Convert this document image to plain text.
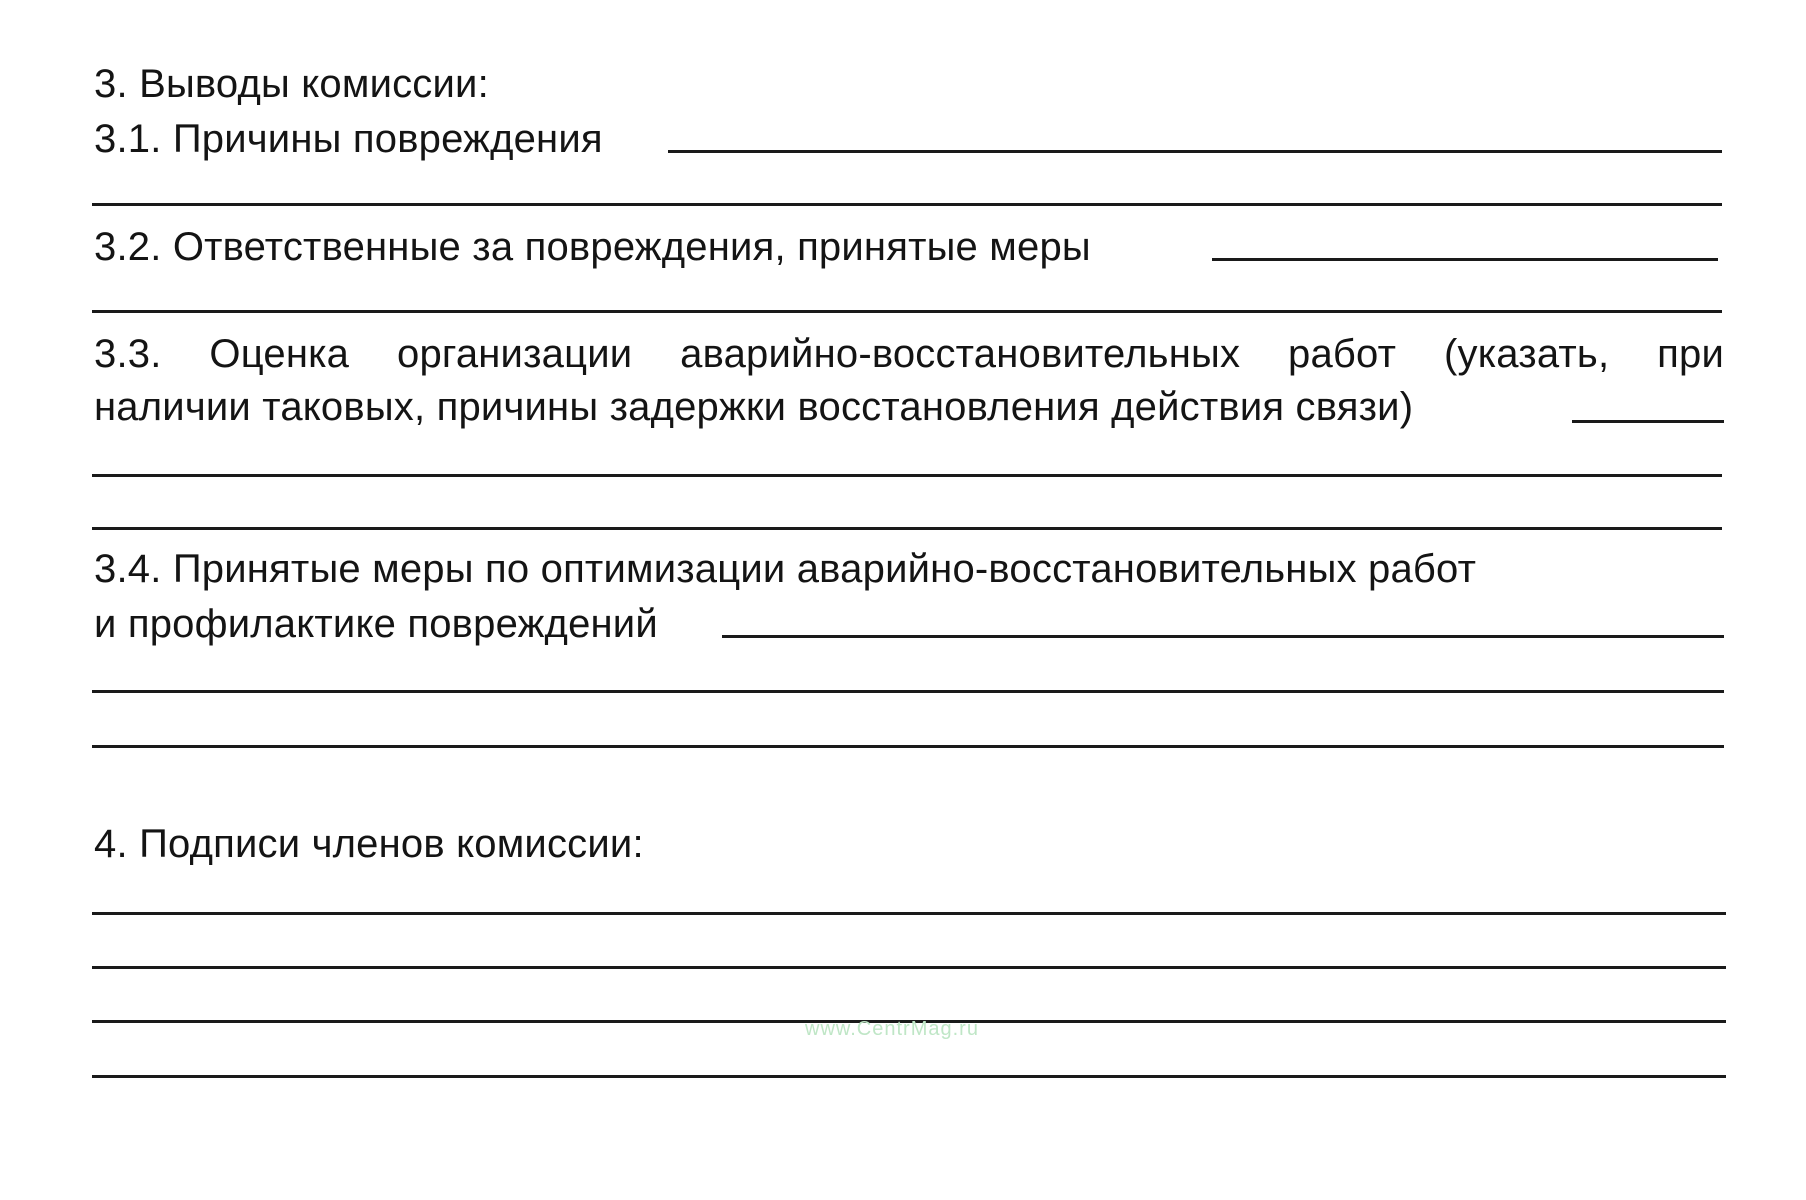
3. Выводы комиссии:
3.1. Причины повреждения
3.2. Ответственные за повреждения, принятые меры
3.3. Оценка организации аварийно-восстановительных работ (указать, при
наличии таковых, причины задержки восстановления действия связи)
3.4. Принятые меры по оптимизации аварийно-восстановительных работ
и профилактике повреждений
4. Подписи членов комиссии:
www.CentrMag.ru
